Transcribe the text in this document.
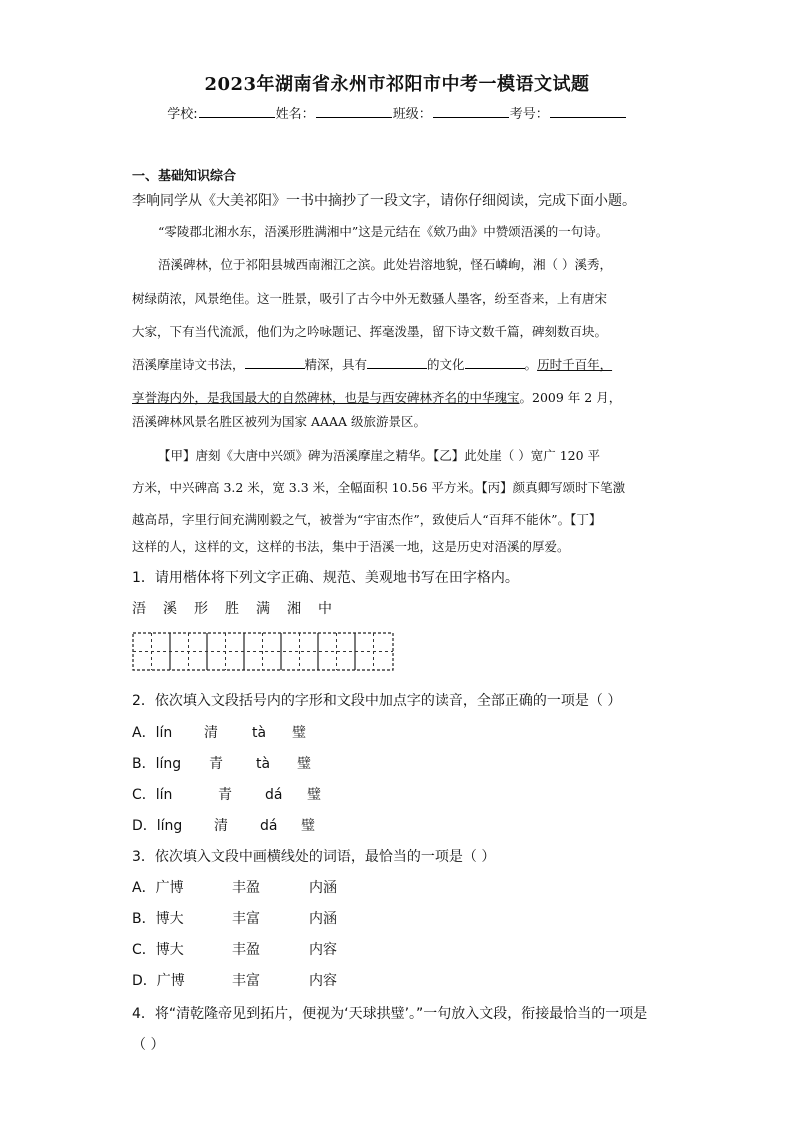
2023年湖南省永州市祁阳市中考一模语文试题
学校:	姓名：	班级：	考号：
一、基础知识综合
李响同学从《大美祁阳》一书中摘抄了一段文字，请你仔细阅读，完成下面小题。
“零陵郡北湘水东，浯溪形胜满湘中”这是元结在《欸乃曲》中赞颂浯溪的一句诗。
浯溪碑林，位于祁阳县城西南湘江之滨。此处岩溶地貌，怪石嶙峋，湘（ ）溪秀，
树绿荫浓，风景绝佳。这一胜景，吸引了古今中外无数骚人墨客，纷至沓来，上有唐宋
大家，下有当代流派，他们为之吟咏题记、挥毫泼墨，留下诗文数千篇，碑刻数百块。
浯溪摩崖诗文书法，	精深，具有	的文化	。历时千百年，
享誉海内外，是我国最大的自然碑林，也是与西安碑林齐名的中华瑰宝。2009 年 2 月，
浯溪碑林风景名胜区被列为国家 AAAA 级旅游景区。
【甲】唐刻《大唐中兴颂》碑为浯溪摩崖之精华。【乙】此处崖（ ）宽广 120 平
方米，中兴碑高 3.2 米，宽 3.3 米，全幅面积 10.56 平方米。【丙】颜真卿写颂时下笔激
越高昂，字里行间充满刚毅之气，被誉为“宇宙杰作”，致使后人“百拜不能休”。【丁】
这样的人，这样的文，这样的书法，集中于浯溪一地，这是历史对浯溪的厚爱。
1．请用楷体将下列文字正确、规范、美观地书写在田字格内。
浯 溪 形 胜 满 湘 中
2．依次填入文段括号内的字形和文段中加点字的读音，全部正确的一项是（ ）
A．lín 清 tà 璧
B．líng 青 tà 璧
C．lín	青 dá 璧
D．líng 清 dá 璧
3．依次填入文段中画横线处的词语，最恰当的一项是（ ）
A．广博	丰盈	内涵
B．博大	丰富	内涵
C．博大	丰盈	内容
D．广博	丰富	内容
4．将“清乾隆帝见到拓片，便视为‘天球拱璧’。”一句放入文段，衔接最恰当的一项是
（ ）
